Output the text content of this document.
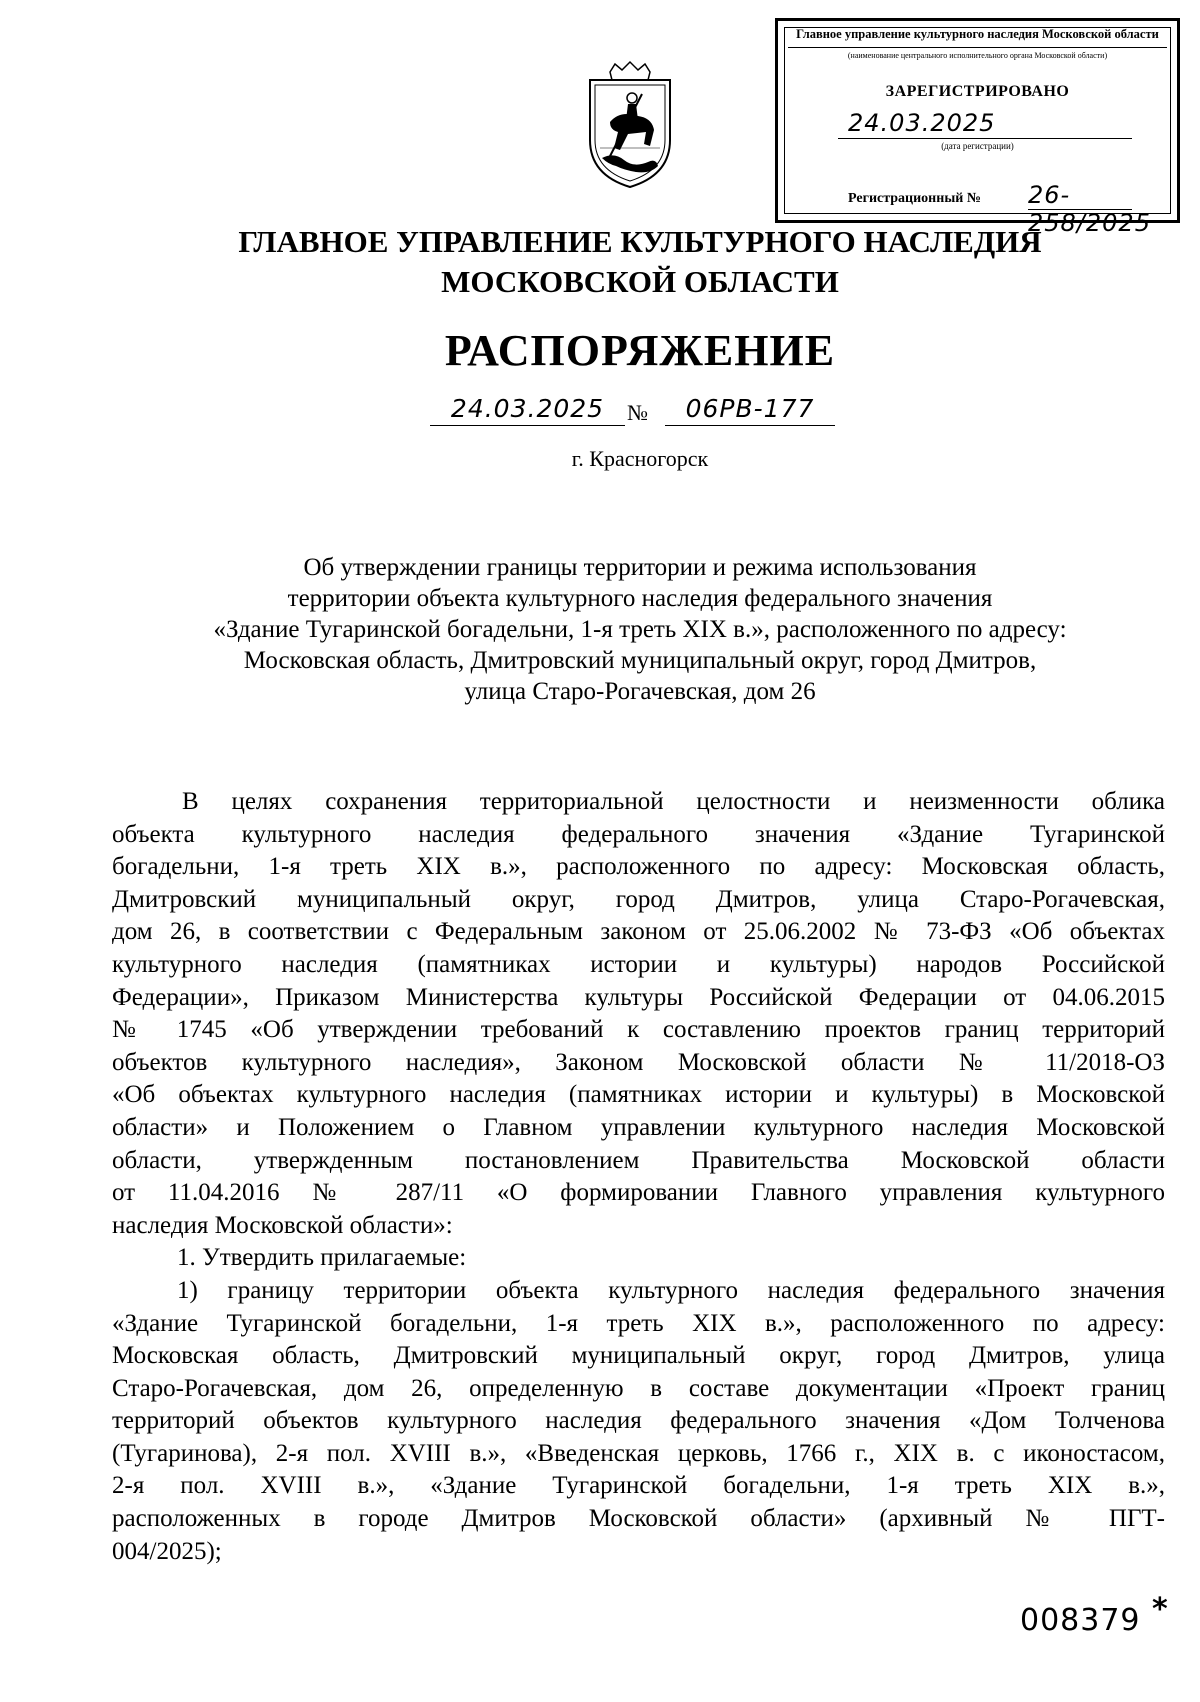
Главное управление культурного наследия Московской области
(наименование центрального исполнительного органа Московской области)
ЗАРЕГИСТРИРОВАНО
24.03.2025
(дата регистрации)
Регистрационный № 26-258/2025
ГЛАВНОЕ УПРАВЛЕНИЕ КУЛЬТУРНОГО НАСЛЕДИЯ
МОСКОВСКОЙ ОБЛАСТИ
РАСПОРЯЖЕНИЕ
24.03.2025	№	06РВ-177
г. Красногорск
Об утверждении границы территории и режима использования
территории объекта культурного наследия федерального значения
«Здание Тугаринской богадельни, 1-я треть XIX в.», расположенного по адресу:
Московская область, Дмитровский муниципальный округ, город Дмитров,
улица Старо-Рогачевская, дом 26
В целях сохранения территориальной целостности и неизменности облика
объекта культурного наследия федерального значения «Здание Тугаринской
богадельни, 1-я треть XIX в.», расположенного по адресу: Московская область,
Дмитровский муниципальный округ, город Дмитров, улица Старо-Рогачевская,
дом 26, в соответствии с Федеральным законом от 25.06.2002 № 73-ФЗ «Об объектах
культурного наследия (памятниках истории и культуры) народов Российской
Федерации», Приказом Министерства культуры Российской Федерации от 04.06.2015
№ 1745 «Об утверждении требований к составлению проектов границ территорий
объектов культурного наследия», Законом Московской области № 11/2018-ОЗ
«Об объектах культурного наследия (памятниках истории и культуры) в Московской
области» и Положением о Главном управлении культурного наследия Московской
области, утвержденным постановлением Правительства Московской области
от 11.04.2016 № 287/11 «О формировании Главного управления культурного
наследия Московской области»:
1. Утвердить прилагаемые:
1) границу территории объекта культурного наследия федерального значения
«Здание Тугаринской богадельни, 1-я треть XIX в.», расположенного по адресу:
Московская область, Дмитровский муниципальный округ, город Дмитров, улица
Старо-Рогачевская, дом 26, определенную в составе документации «Проект границ
территорий объектов культурного наследия федерального значения «Дом Толченова
(Тугаринова), 2-я пол. XVIII в.», «Введенская церковь, 1766 г., XIX в. с иконостасом,
2-я пол. XVIII в.», «Здание Тугаринской богадельни, 1-я треть XIX в.»,
расположенных в городе Дмитров Московской области» (архивный № ПГТ-
004/2025);
008379 *
